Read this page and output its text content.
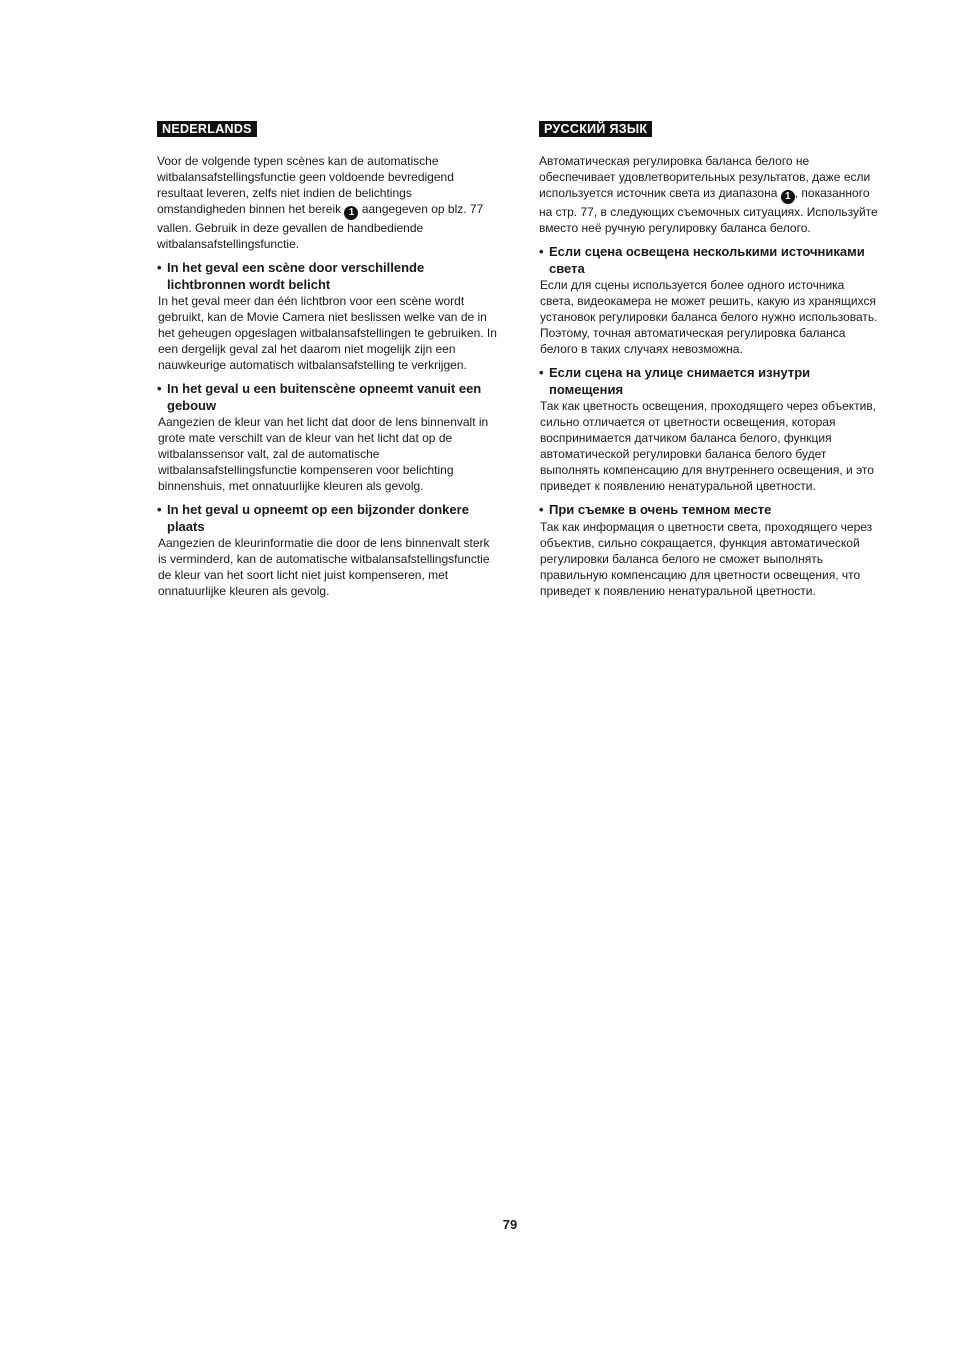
NEDERLANDS
Voor de volgende typen scènes kan de automatische witbalansafstellingsfunctie geen voldoende bevredigend resultaat leveren, zelfs niet indien de belichtings omstandigheden binnen het bereik 1 aangegeven op blz. 77 vallen. Gebruik in deze gevallen de handbediende witbalansafstellingsfunctie.
• In het geval een scène door verschillende lichtbronnen wordt belicht
In het geval meer dan één lichtbron voor een scène wordt gebruikt, kan de Movie Camera niet beslissen welke van de in het geheugen opgeslagen witbalansafstellingen te gebruiken. In een dergelijk geval zal het daarom niet mogelijk zijn een nauwkeurige automatisch witbalansafstelling te verkrijgen.
• In het geval u een buitenscène opneemt vanuit een gebouw
Aangezien de kleur van het licht dat door de lens binnenvalt in grote mate verschilt van de kleur van het licht dat op de witbalanssensor valt, zal de automatische witbalansafstellingsfunctie kompenseren voor belichting binnenshuis, met onnatuurlijke kleuren als gevolg.
• In het geval u opneemt op een bijzonder donkere plaats
Aangezien de kleurinformatie die door de lens binnenvalt sterk is verminderd, kan de automatische witbalansafstellingsfunctie de kleur van het soort licht niet juist kompenseren, met onnatuurlijke kleuren als gevolg.
РУССКИЙ ЯЗЫК
Автоматическая регулировка баланса белого не обеспечивает удовлетворительных результатов, даже если используется источник света из диапазона 1 , показанного на стр. 77, в следующих съемочных ситуациях. Используйте вместо неё ручную регулировку баланса белого.
• Если сцена освещена несколькими источниками света
Если для сцены используется более одного источника света, видеокамера не может решить, какую из хранящихся установок регулировки баланса белого нужно использовать. Поэтому, точная автоматическая регулировка баланса белого в таких случаях невозможна.
• Если сцена на улице снимается изнутри помещения
Так как цветность освещения, проходящего через объектив, сильно отличается от цветности освещения, которая воспринимается датчиком баланса белого, функция автоматической регулировки баланса белого будет выполнять компенсацию для внутреннего освещения, и это приведет к появлению ненатуральной цветности.
• При съемке в очень темном месте
Так как информация о цветности света, проходящего через объектив, сильно сокращается, функция автоматической регулировки баланса белого не сможет выполнять правильную компенсацию для цветности освещения, что приведет к появлению ненатуральной цветности.
79
